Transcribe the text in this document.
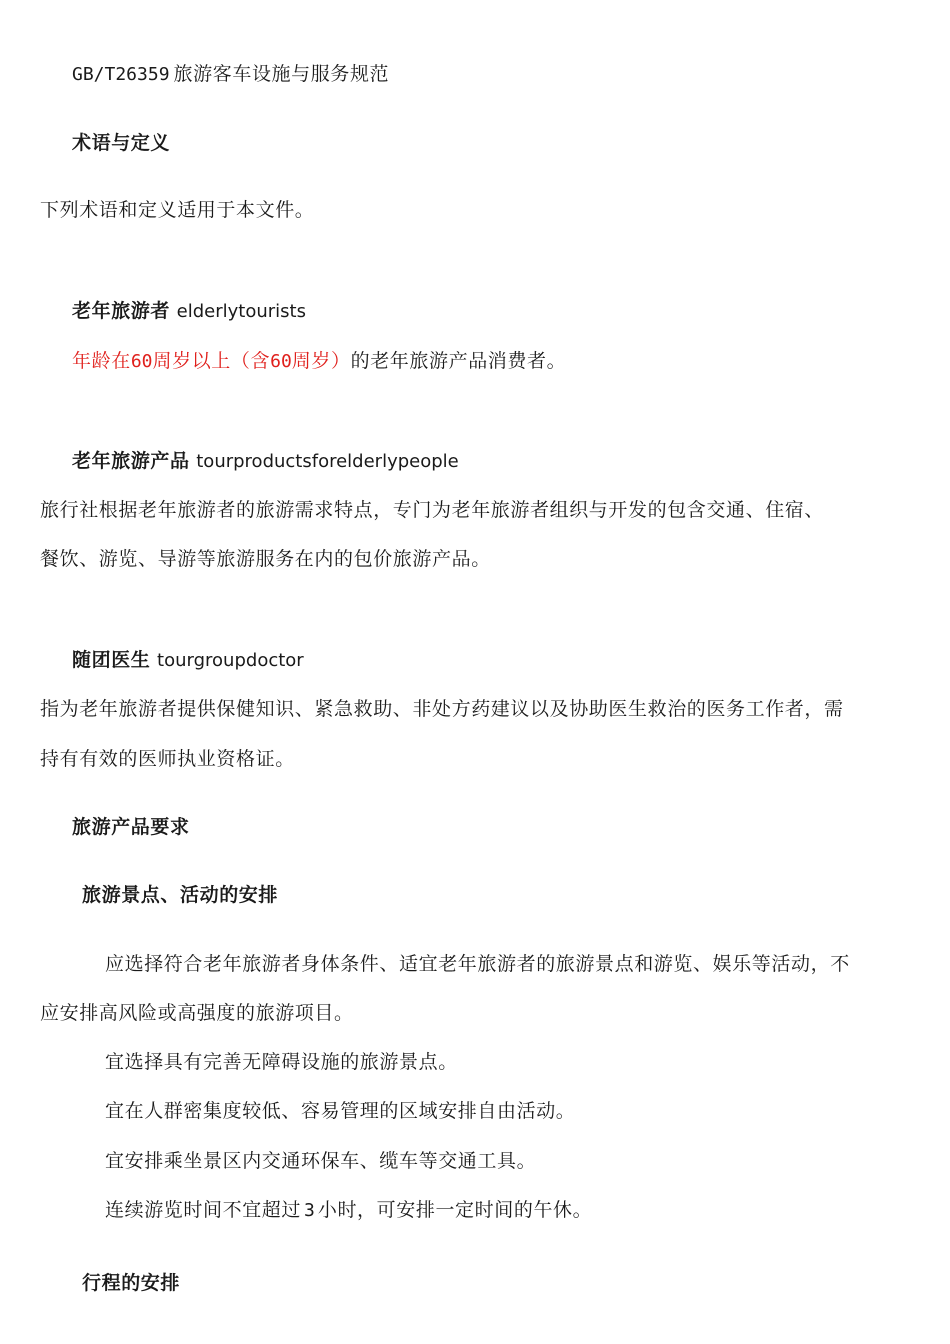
GB/T26359 旅游客车设施与服务规范
术语与定义
下列术语和定义适用于本文件。
老年旅游者 elderlytourists
年龄在60周岁以上（含60周岁）的老年旅游产品消费者。
老年旅游产品 tourproductsforelderlypeople
旅行社根据老年旅游者的旅游需求特点，专门为老年旅游者组织与开发的包含交通、住宿、
餐饮、游览、导游等旅游服务在内的包价旅游产品。
随团医生 tourgroupdoctor
指为老年旅游者提供保健知识、紧急救助、非处方药建议以及协助医生救治的医务工作者，需
持有有效的医师执业资格证。
旅游产品要求
旅游景点、活动的安排
应选择符合老年旅游者身体条件、适宜老年旅游者的旅游景点和游览、娱乐等活动，不
应安排高风险或高强度的旅游项目。
宜选择具有完善无障碍设施的旅游景点。
宜在人群密集度较低、容易管理的区域安排自由活动。
宜安排乘坐景区内交通环保车、缆车等交通工具。
连续游览时间不宜超过 3 小时，可安排一定时间的午休。
行程的安排
